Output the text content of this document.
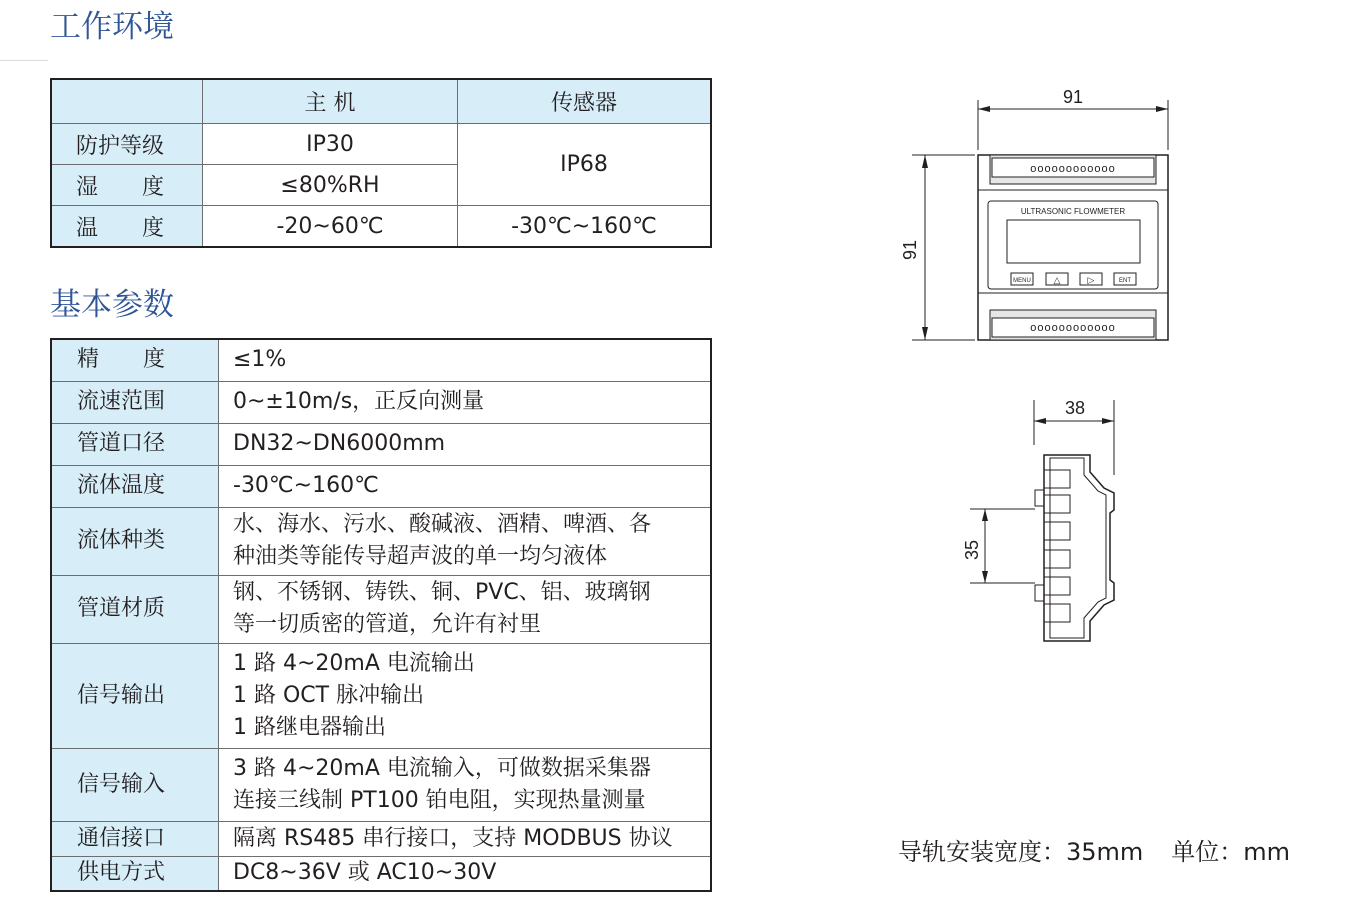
工作环境
	主 机	传感器
防护等级	IP30	IP68
湿　　度	≤80%RH	
温　　度	-20~60℃	-30℃~160℃
基本参数
精　　度	≤1%

流速范围	0~±10m/s，正反向测量

管道口径	DN32~DN6000mm

流体温度	-30℃~160℃

流体种类	水、海水、污水、酸碱液、酒精、啤酒、各
种油类等能传导超声波的单一均匀液体

管道材质	钢、不锈钢、铸铁、铜、PVC、铝、玻璃钢
等一切质密的管道，允许有衬里

信号输出	1 路 4~20mA 电流输出
1 路 OCT 脉冲输出
1 路继电器输出

信号输入	3 路 4~20mA 电流输入，可做数据采集器
连接三线制 PT100 铂电阻，实现热量测量

通信接口	隔离 RS485 串行接口，支持 MODBUS 协议

供电方式	DC8~36V 或 AC10~30V
91
91
38
35
oooooooooooo
oooooooooooo
ULTRASONIC FLOWMETER
MENU	△	▷	ENT
导轨安装宽度：35mm 单位：mm
